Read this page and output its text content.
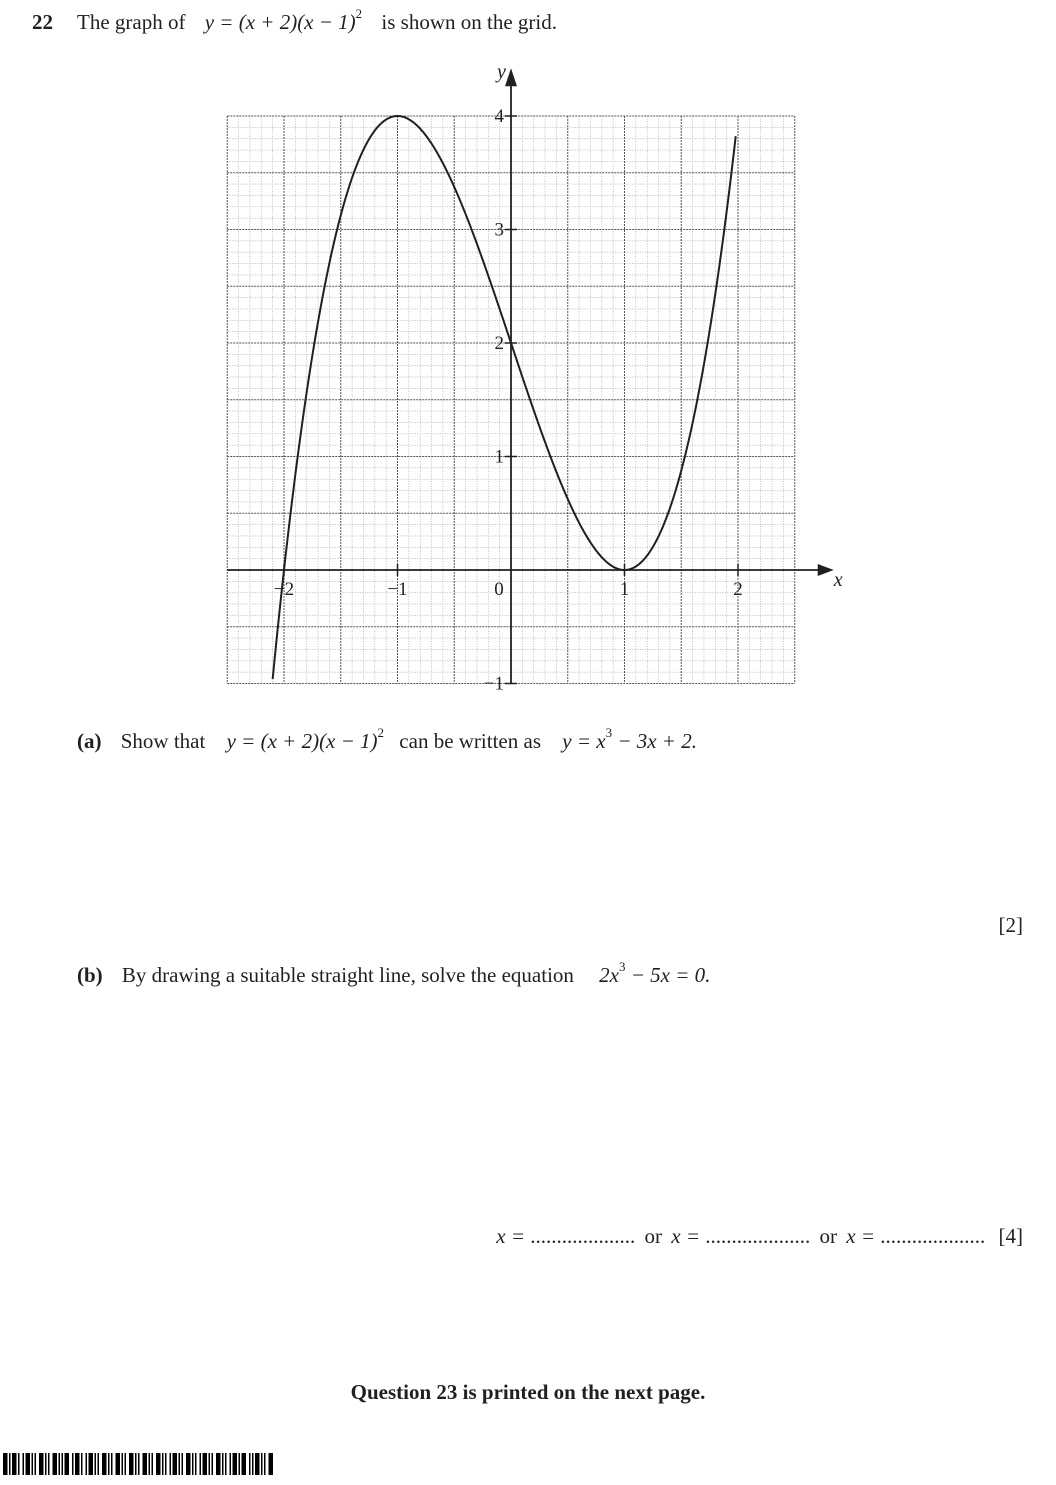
22 The graph of $y = (x + 2)(x - 1)^2$ is shown on the grid.
−2	−1	0	1	2
−1
1
2
3
4
x
y
(a) Show that $y = (x + 2)(x - 1)^2$ can be written as $y = x^3 - 3x + 2$.
[2]
(b) By drawing a suitable straight line, solve the equation $2x^3 - 5x = 0$.
x = .................... or x = .................... or x = .................... [4]
Question 23 is printed on the next page.
